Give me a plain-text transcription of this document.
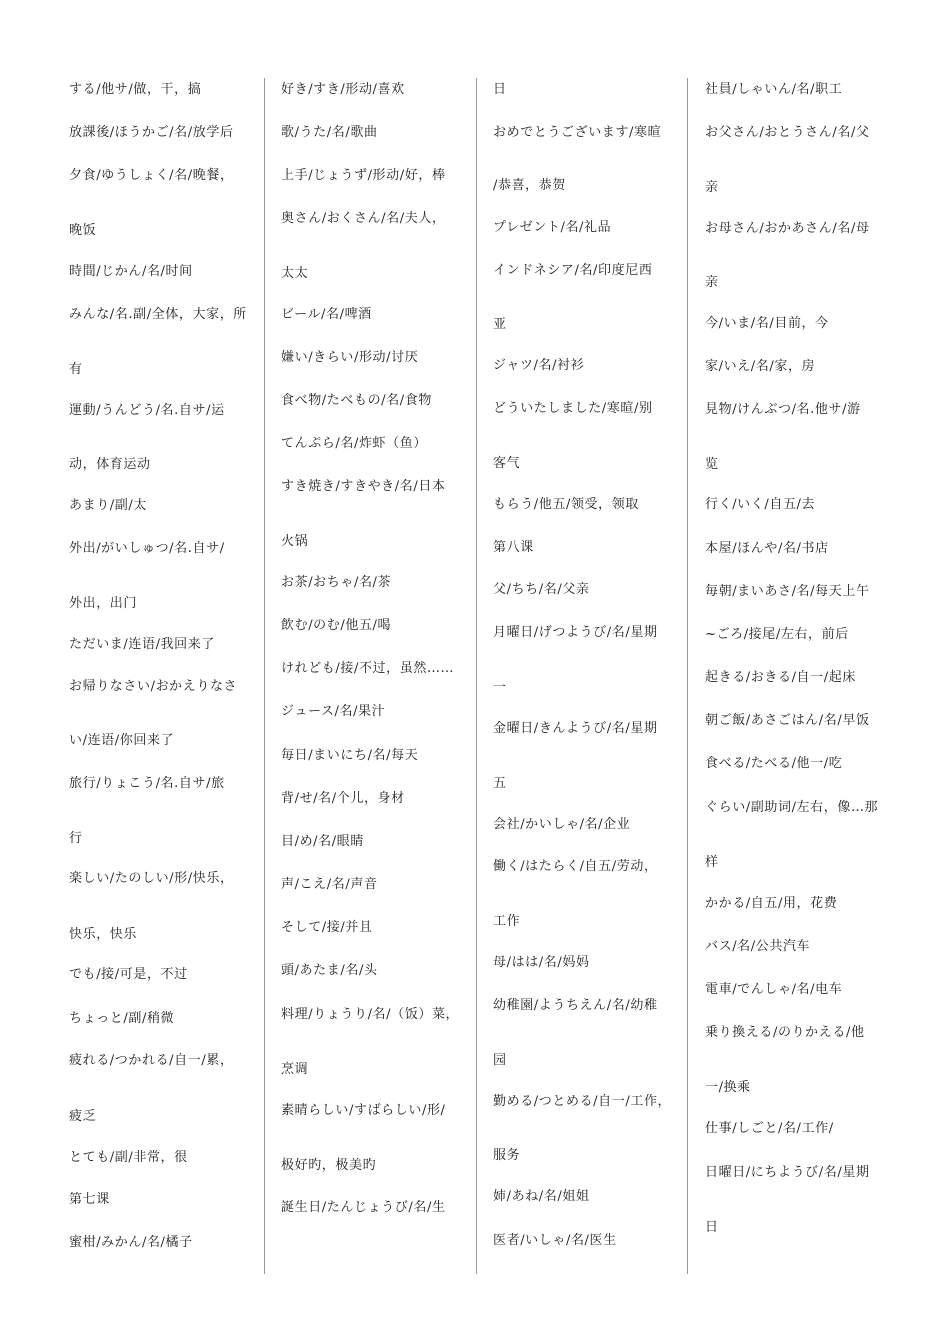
する/他サ/做，干，搞
放課後/ほうかご/名/放学后
夕食/ゆうしょく/名/晚餐，
晚饭
時間/じかん/名/时间
みんな/名.副/全体，大家，所
有
運動/うんどう/名.自サ/运
动，体育运动
あまり/副/太
外出/がいしゅつ/名.自サ/
外出，出门
ただいま/连语/我回来了
お帰りなさい/おかえりなさ
い/连语/你回来了
旅行/りょこう/名.自サ/旅
行
楽しい/たのしい/形/快乐，
快乐，快乐
でも/接/可是，不过
ちょっと/副/稍微
疲れる/つかれる/自一/累，
疲乏
とても/副/非常，很
第七课
蜜柑/みかん/名/橘子
好き/すき/形动/喜欢
歌/うた/名/歌曲
上手/じょうず/形动/好，棒
奥さん/おくさん/名/夫人，
太太
ビール/名/啤酒
嫌い/きらい/形动/讨厌
食べ物/たべもの/名/食物
てんぷら/名/炸虾（鱼）
すき焼き/すきやき/名/日本
火锅
お茶/おちゃ/名/茶
飲む/のむ/他五/喝
けれども/接/不过，虽然……
ジュース/名/果汁
毎日/まいにち/名/每天
背/せ/名/个儿，身材
目/め/名/眼睛
声/こえ/名/声音
そして/接/并且
頭/あたま/名/头
料理/りょうり/名/（饭）菜，
烹调
素晴らしい/すばらしい/形/
极好旳，极美旳
誕生日/たんじょうび/名/生
日
おめでとうございます/寒暄
/恭喜，恭贺
プレゼント/名/礼品
インドネシア/名/印度尼西
亚
ジャツ/名/衬衫
どういたしました/寒暄/别
客气
もらう/他五/领受，领取
第八课
父/ちち/名/父亲
月曜日/げつようび/名/星期
一
金曜日/きんようび/名/星期
五
会社/かいしゃ/名/企业
働く/はたらく/自五/劳动，
工作
母/はは/名/妈妈
幼稚園/ようちえん/名/幼稚
园
勤める/つとめる/自一/工作，
服务
姉/あね/名/姐姐
医者/いしゃ/名/医生
社員/しゃいん/名/职工
お父さん/おとうさん/名/父
亲
お母さん/おかあさん/名/母
亲
今/いま/名/目前，今
家/いえ/名/家，房
見物/けんぶつ/名.他サ/游
览
行く/いく/自五/去
本屋/ほんや/名/书店
毎朝/まいあさ/名/每天上午
~ごろ/接尾/左右，前后
起きる/おきる/自一/起床
朝ご飯/あさごはん/名/早饭
食べる/たべる/他一/吃
ぐらい/副助词/左右，像…那
样
かかる/自五/用，花费
バス/名/公共汽车
電車/でんしゃ/名/电车
乗り換える/のりかえる/他
一/换乘
仕事/しごと/名/工作/
日曜日/にちようび/名/星期
日
